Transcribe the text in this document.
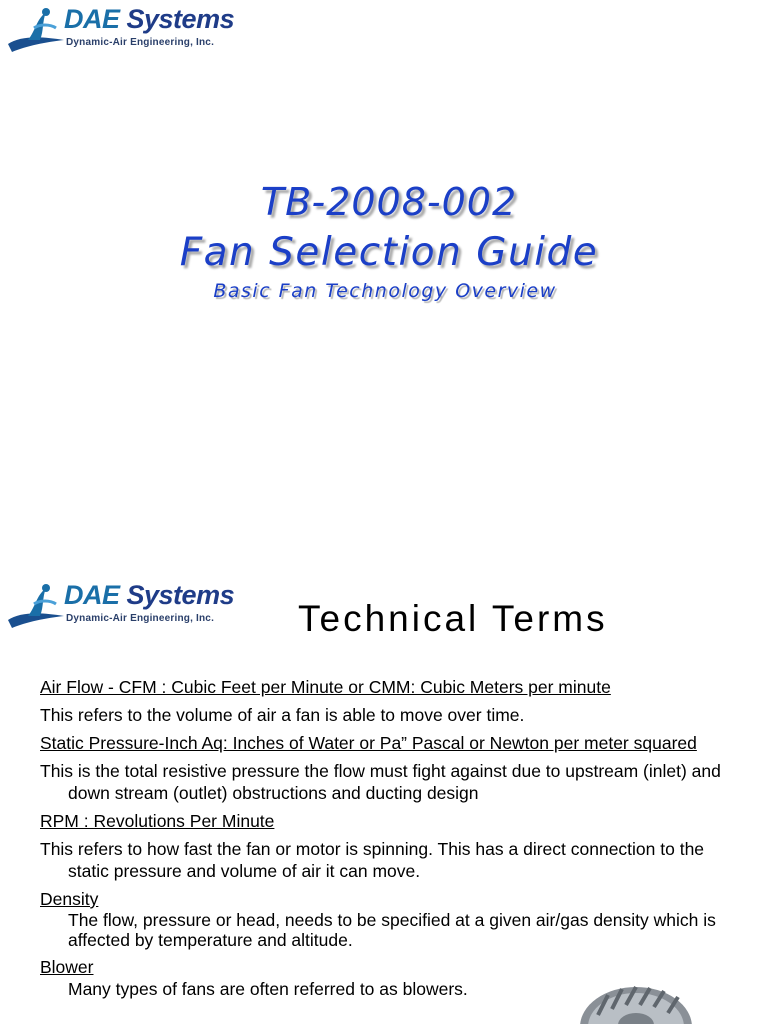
DAE Systems
Dynamic-Air Engineering, Inc.
TB-2008-002
Fan Selection Guide
Basic Fan Technology Overview
DAE Systems
Dynamic-Air Engineering, Inc. Technical Terms

Air Flow - CFM : Cubic Feet per Minute or CMM: Cubic Meters per minute

This refers to the volume of air a fan is able to move over time.

Static Pressure-Inch Aq: Inches of Water or Pa” Pascal or Newton per meter squared

This is the total resistive pressure the flow must fight against due to upstream (inlet) and down stream (outlet) obstructions and ducting design

RPM : Revolutions Per Minute

This refers to how fast the fan or motor is spinning. This has a direct connection to the static pressure and volume of air it can move.

Density

The flow, pressure or head, needs to be specified at a given air/gas density which is affected by temperature and altitude.

Blower

Many types of fans are often referred to as blowers.
